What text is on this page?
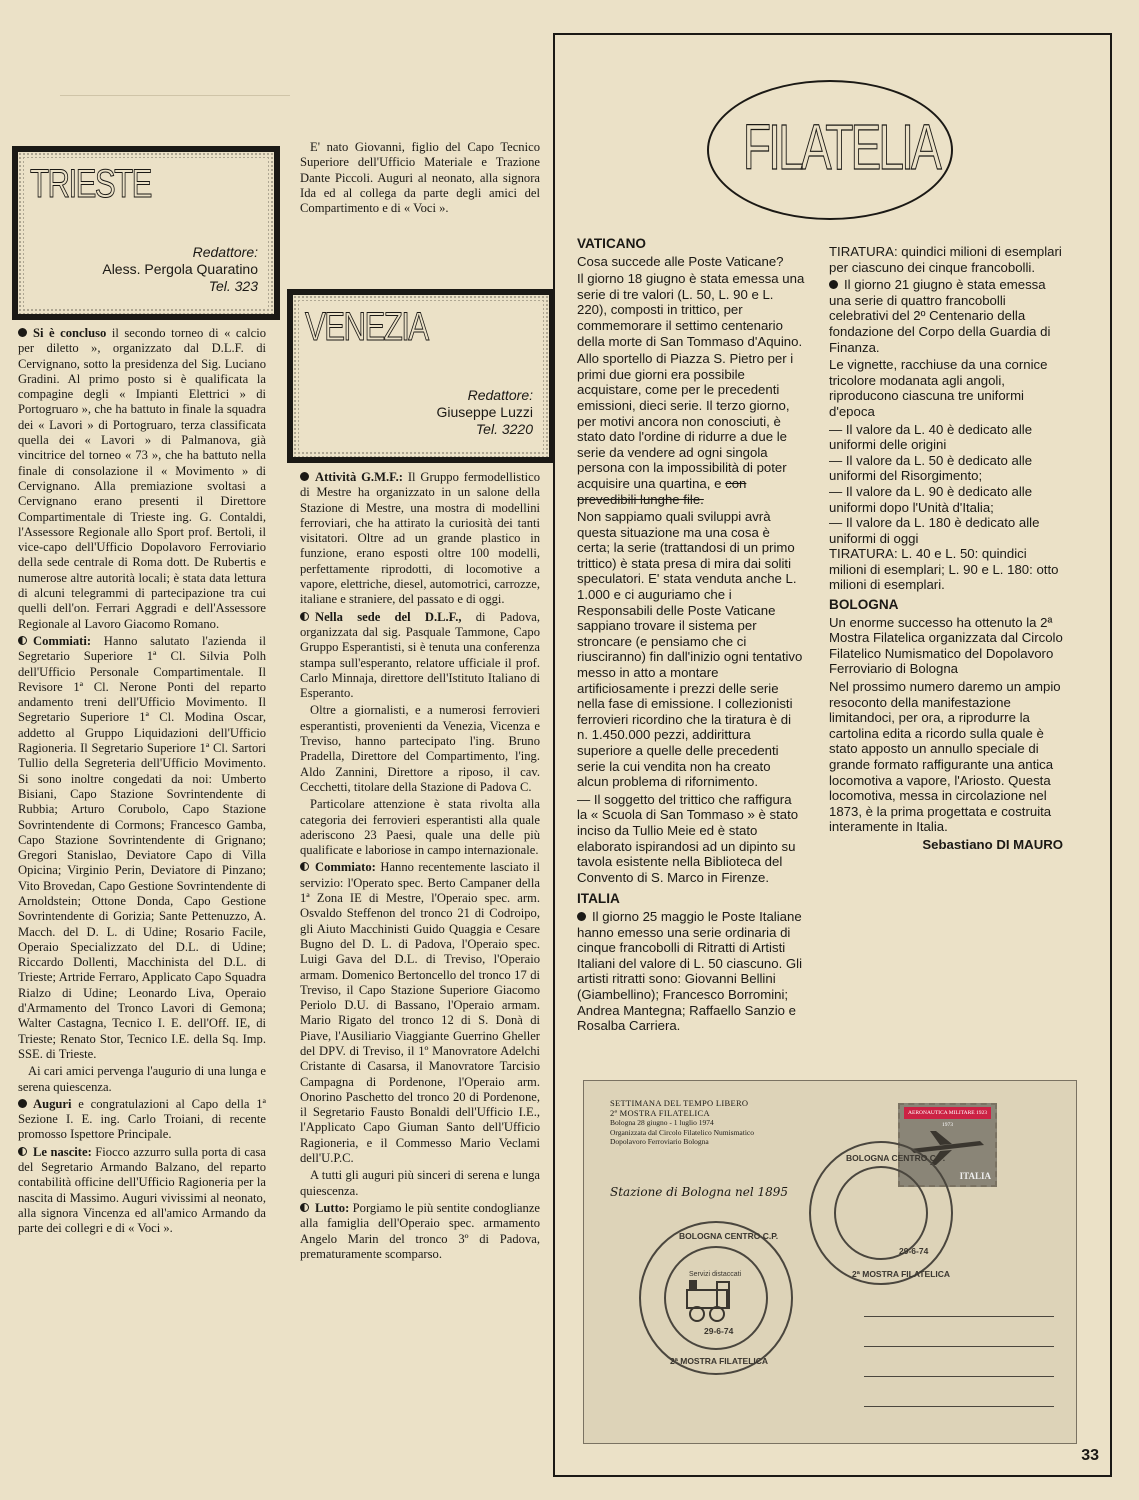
TRIESTE
Redattore:
Aless. Pergola Quaratino
Tel. 323
VENEZIA
Redattore:
Giuseppe Luzzi
Tel. 3220

Si è concluso il secondo torneo di « calcio per diletto », organizzato dal D.L.F. di Cervignano, sotto la presidenza del Sig. Luciano Gradini. Al primo posto si è qualificata la compagine degli « Impianti Elettrici » di Portogruaro », che ha battuto in finale la squadra dei « Lavori » di Portogruaro, terza classificata quella dei « Lavori » di Palmanova, già vincitrice del torneo « 73 », che ha battuto nella finale di consolazione il « Movimento » di Cervignano. Alla premiazione svoltasi a Cervignano erano presenti il Direttore Compartimentale di Trieste ing. G. Contaldi, l'Assessore Regionale allo Sport prof. Bertoli, il vice-capo dell'Ufficio Dopolavoro Ferroviario della sede centrale di Roma dott. De Rubertis e numerose altre autorità locali; è stata data lettura di alcuni telegrammi di partecipazione tra cui quelli dell'on. Ferrari Aggradi e dell'Assessore Regionale al Lavoro Giacomo Romano.

Commiati: Hanno salutato l'azienda il Segretario Superiore 1ª Cl. Silvia Polh dell'Ufficio Personale Compartimentale. Il Revisore 1ª Cl. Nerone Ponti del reparto andamento treni dell'Ufficio Movimento. Il Segretario Superiore 1ª Cl. Modina Oscar, addetto al Gruppo Liquidazioni dell'Ufficio Ragioneria. Il Segretario Superiore 1ª Cl. Sartori Tullio della Segreteria dell'Ufficio Movimento. Si sono inoltre congedati da noi: Umberto Bisiani, Capo Stazione Sovrintendente di Rubbia; Arturo Corubolo, Capo Stazione Sovrintendente di Cormons; Francesco Gamba, Capo Stazione Sovrintendente di Grignano; Gregori Stanislao, Deviatore Capo di Villa Opicina; Virginio Perin, Deviatore di Pinzano; Vito Brovedan, Capo Gestione Sovrintendente di Arnoldstein; Ottone Donda, Capo Gestione Sovrintendente di Gorizia; Sante Pettenuzzo, A. Macch. del D. L. di Udine; Rosario Facile, Operaio Specializzato del D.L. di Udine; Riccardo Dollenti, Macchinista del D.L. di Trieste; Artride Ferraro, Applicato Capo Squadra Rialzo di Udine; Leonardo Liva, Operaio d'Armamento del Tronco Lavori di Gemona; Walter Castagna, Tecnico I. E. dell'Off. IE, di Trieste; Renato Stor, Tecnico I.E. della Sq. Imp. SSE. di Trieste.

Ai cari amici pervenga l'augurio di una lunga e serena quiescenza.

Auguri e congratulazioni al Capo della 1ª Sezione I. E. ing. Carlo Troiani, di recente promosso Ispettore Principale.

Le nascite: Fiocco azzurro sulla porta di casa del Segretario Armando Balzano, del reparto contabilità officine dell'Ufficio Ragioneria per la nascita di Massimo. Auguri vivissimi al neonato, alla signora Vincenza ed all'amico Armando da parte dei collegri e di « Voci ».

E' nato Giovanni, figlio del Capo Tecnico Superiore dell'Ufficio Materiale e Trazione Dante Piccoli. Auguri al neonato, alla signora Ida ed al collega da parte degli amici del Compartimento e di « Voci ».

Attività G.M.F.: Il Gruppo fermodellistico di Mestre ha organizzato in un salone della Stazione di Mestre, una mostra di modellini ferroviari, che ha attirato la curiosità dei tanti visitatori. Oltre ad un grande plastico in funzione, erano esposti oltre 100 modelli, perfettamente riprodotti, di locomotive a vapore, elettriche, diesel, automotrici, carrozze, italiane e straniere, del passato e di oggi.

Nella sede del D.L.F., di Padova, organizzata dal sig. Pasquale Tammone, Capo Gruppo Esperantisti, si è tenuta una conferenza stampa sull'esperanto, relatore ufficiale il prof. Carlo Minnaja, direttore dell'Istituto Italiano di Esperanto.

Oltre a giornalisti, e a numerosi ferrovieri esperantisti, provenienti da Venezia, Vicenza e Treviso, hanno partecipato l'ing. Bruno Pradella, Direttore del Compartimento, l'ing. Aldo Zannini, Direttore a riposo, il cav. Cecchetti, titolare della Stazione di Padova C.

Particolare attenzione è stata rivolta alla categoria dei ferrovieri esperantisti alla quale aderiscono 23 Paesi, quale una delle più qualificate e laboriose in campo internazionale.

Commiato: Hanno recentemente lasciato il servizio: l'Operato spec. Berto Campaner della 1ª Zona IE di Mestre, l'Operaio spec. arm. Osvaldo Steffenon del tronco 21 di Codroipo, gli Aiuto Macchinisti Guido Quaggia e Cesare Bugno del D. L. di Padova, l'Operaio spec. Luigi Gava del D.L. di Treviso, l'Operaio armam. Domenico Bertoncello del tronco 17 di Treviso, il Capo Stazione Superiore Giacomo Periolo D.U. di Bassano, l'Operaio armam. Mario Rigato del tronco 12 di S. Donà di Piave, l'Ausiliario Viaggiante Guerrino Gheller del DPV. di Treviso, il 1º Manovratore Adelchi Cristante di Casarsa, il Manovratore Tarcisio Campagna di Pordenone, l'Operaio arm. Onorino Paschetto del tronco 20 di Pordenone, il Segretario Fausto Bonaldi dell'Ufficio I.E., l'Applicato Capo Giuman Santo dell'Ufficio Ragioneria, e il Commesso Mario Veclami dell'U.P.C.

A tutti gli auguri più sinceri di serena e lunga quiescenza.

Lutto: Porgiamo le più sentite condoglianze alla famiglia dell'Operaio spec. armamento Angelo Marin del tronco 3º di Padova, prematuramente scomparso.

FILATELIA
VATICANO

Cosa succede alle Poste Vaticane?

Il giorno 18 giugno è stata emessa una serie di tre valori (L. 50, L. 90 e L. 220), composti in trittico, per commemorare il settimo centenario della morte di San Tommaso d'Aquino.

Allo sportello di Piazza S. Pietro per i primi due giorni era possibile acquistare, come per le precedenti emissioni, dieci serie. Il terzo giorno, per motivi ancora non conosciuti, è stato dato l'ordine di ridurre a due le serie da vendere ad ogni singola persona con la impossibilità di poter acquisire una quartina, e con prevedibili lunghe file.

Non sappiamo quali sviluppi avrà questa situazione ma una cosa è certa; la serie (trattandosi di un primo trittico) è stata presa di mira dai soliti speculatori. E' stata venduta anche L. 1.000 e ci auguriamo che i Responsabili delle Poste Vaticane sappiano trovare il sistema per stroncare (e pensiamo che ci riusciranno) fin dall'inizio ogni tentativo messo in atto a montare artificiosamente i prezzi delle serie nella fase di emissione. I collezionisti ferrovieri ricordino che la tiratura è di n. 1.450.000 pezzi, addirittura superiore a quelle delle precedenti serie la cui vendita non ha creato alcun problema di rifornimento.

— Il soggetto del trittico che raffigura la « Scuola di San Tommaso » è stato inciso da Tullio Meie ed è stato elaborato ispirandosi ad un dipinto su tavola esistente nella Biblioteca del Convento di S. Marco in Firenze.

ITALIA

Il giorno 25 maggio le Poste Italiane hanno emesso una serie ordinaria di cinque francobolli di Ritratti di Artisti Italiani del valore di L. 50 ciascuno. Gli artisti ritratti sono: Giovanni Bellini (Giambellino); Francesco Borromini; Andrea Mantegna; Raffaello Sanzio e Rosalba Carriera.

TIRATURA: quindici milioni di esemplari per ciascuno dei cinque francobolli.

Il giorno 21 giugno è stata emessa una serie di quattro francobolli celebrativi del 2º Centenario della fondazione del Corpo della Guardia di Finanza.

Le vignette, racchiuse da una cornice tricolore modanata agli angoli, riproducono ciascuna tre uniformi d'epoca

— Il valore da L. 40 è dedicato alle uniformi delle origini

— Il valore da L. 50 è dedicato alle uniformi del Risorgimento;

— Il valore da L. 90 è dedicato alle uniformi dopo l'Unità d'Italia;

— Il valore da L. 180 è dedicato alle uniformi di oggi

TIRATURA: L. 40 e L. 50: quindici milioni di esemplari; L. 90 e L. 180: otto milioni di esemplari.

BOLOGNA

Un enorme successo ha ottenuto la 2ª Mostra Filatelica organizzata dal Circolo Filatelico Numismatico del Dopolavoro Ferroviario di Bologna

Nel prossimo numero daremo un ampio resoconto della manifestazione limitandoci, per ora, a riprodurre la cartolina edita a ricordo sulla quale è stato apposto un annullo speciale di grande formato raffigurante una antica locomotiva a vapore, l'Ariosto. Questa locomotiva, messa in circolazione nel 1873, è la prima progettata e costruita interamente in Italia.

Sebastiano DI MAURO

SETTIMANA DEL TEMPO LIBERO
2ª MOSTRA FILATELICA
Bologna 28 giugno - 1 luglio 1974
Organizzata dal Circolo Filatelico Numismatico
Dopolavoro Ferroviario Bologna
Stazione di Bologna nel 1895
AERONAUTICA MILITARE 1923 1973
ITALIA
BOLOGNA CENTRO C.P.
Servizi distaccati
29-6-74
2ª MOSTRA FILATELICA
BOLOGNA CENTRO C.P.
29-6-74
2ª MOSTRA FILATELICA
33
